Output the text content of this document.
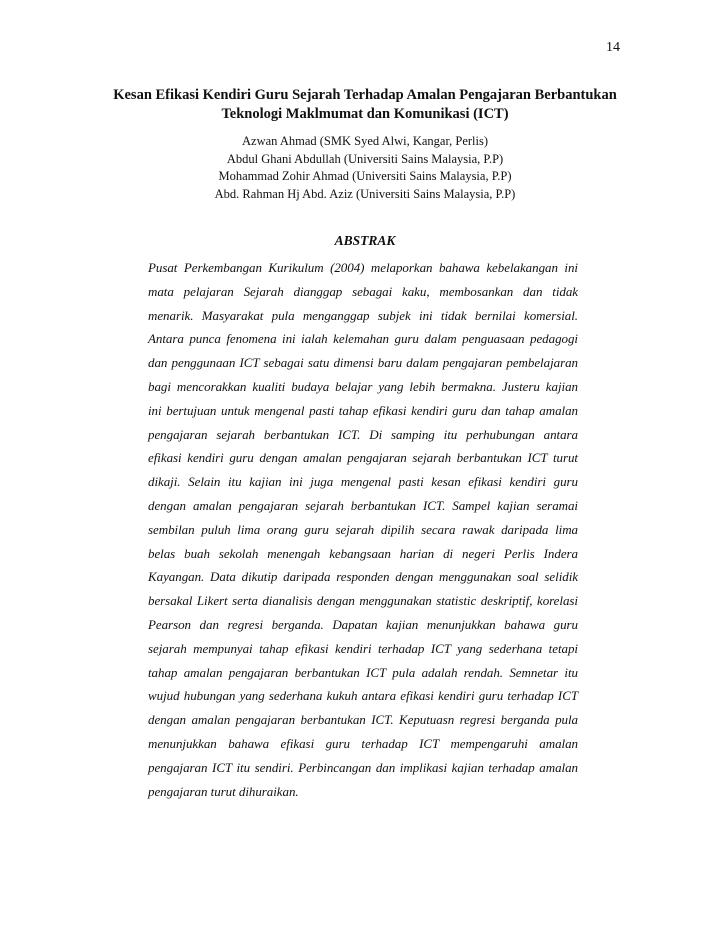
14
Kesan Efikasi Kendiri Guru Sejarah Terhadap Amalan Pengajaran Berbantukan
Teknologi Maklmumat dan Komunikasi (ICT)
Azwan Ahmad (SMK Syed Alwi, Kangar, Perlis)
Abdul Ghani Abdullah (Universiti Sains Malaysia, P.P)
Mohammad Zohir Ahmad (Universiti Sains Malaysia, P.P)
Abd. Rahman Hj Abd. Aziz (Universiti Sains Malaysia, P.P)
ABSTRAK
Pusat Perkembangan Kurikulum (2004) melaporkan bahawa kebelakangan ini
mata pelajaran Sejarah dianggap sebagai kaku, membosankan dan tidak
menarik. Masyarakat pula menganggap subjek ini tidak bernilai komersial.
Antara punca fenomena ini ialah kelemahan guru dalam penguasaan pedagogi
dan penggunaan ICT sebagai satu dimensi baru dalam pengajaran pembelajaran
bagi mencorakkan kualiti budaya belajar yang lebih bermakna. Justeru kajian
ini bertujuan untuk mengenal pasti tahap efikasi kendiri guru dan tahap amalan
pengajaran sejarah berbantukan ICT. Di samping itu perhubungan antara
efikasi kendiri guru dengan amalan pengajaran sejarah berbantukan ICT turut
dikaji. Selain itu kajian ini juga mengenal pasti kesan efikasi kendiri guru
dengan amalan pengajaran sejarah berbantukan ICT. Sampel kajian seramai
sembilan puluh lima orang guru sejarah dipilih secara rawak daripada lima
belas buah sekolah menengah kebangsaan harian di negeri Perlis Indera
Kayangan. Data dikutip daripada responden dengan menggunakan soal selidik
bersakal Likert serta dianalisis dengan menggunakan statistic deskriptif, korelasi
Pearson dan regresi berganda. Dapatan kajian menunjukkan bahawa guru
sejarah mempunyai tahap efikasi kendiri terhadap ICT yang sederhana tetapi
tahap amalan pengajaran berbantukan ICT pula adalah rendah. Semnetar itu
wujud hubungan yang sederhana kukuh antara efikasi kendiri guru terhadap ICT
dengan amalan pengajaran berbantukan ICT. Keputuasn regresi berganda pula
menunjukkan bahawa efikasi guru terhadap ICT mempengaruhi amalan
pengajaran ICT itu sendiri. Perbincangan dan implikasi kajian terhadap amalan
pengajaran turut dihuraikan.
